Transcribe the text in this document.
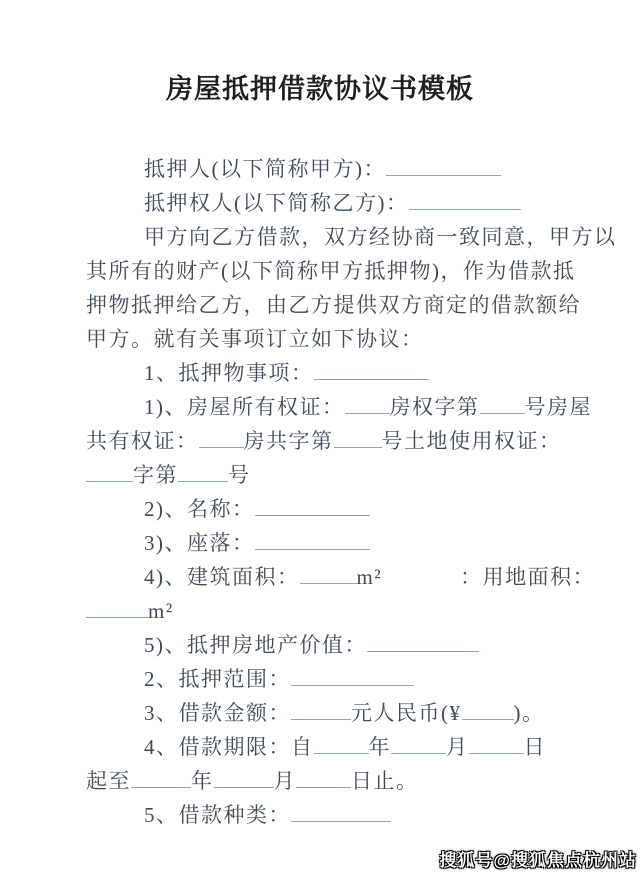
房屋抵押借款协议书模板
抵押人(以下简称甲方)：
抵押权人(以下简称乙方)：
甲方向乙方借款，双方经协商一致同意，甲方以
其所有的财产(以下简称甲方抵押物)，作为借款抵
押物抵押给乙方，由乙方提供双方商定的借款额给
甲方。就有关事项订立如下协议：
1、抵押物事项：
1)、房屋所有权证： 房权字第 号房屋
共有权证： 房共字第 号土地使用权证：
字第 号
2)、名称：
3)、座落：
4)、建筑面积：	m²	：用地面积：
m²
5)、抵押房地产价值：
2、抵押范围：
3、借款金额：	元人民币(¥ )。
4、借款期限：自	年	月	日
起至	年	月	日止。
5、借款种类：
搜狐号@搜狐焦点杭州站
